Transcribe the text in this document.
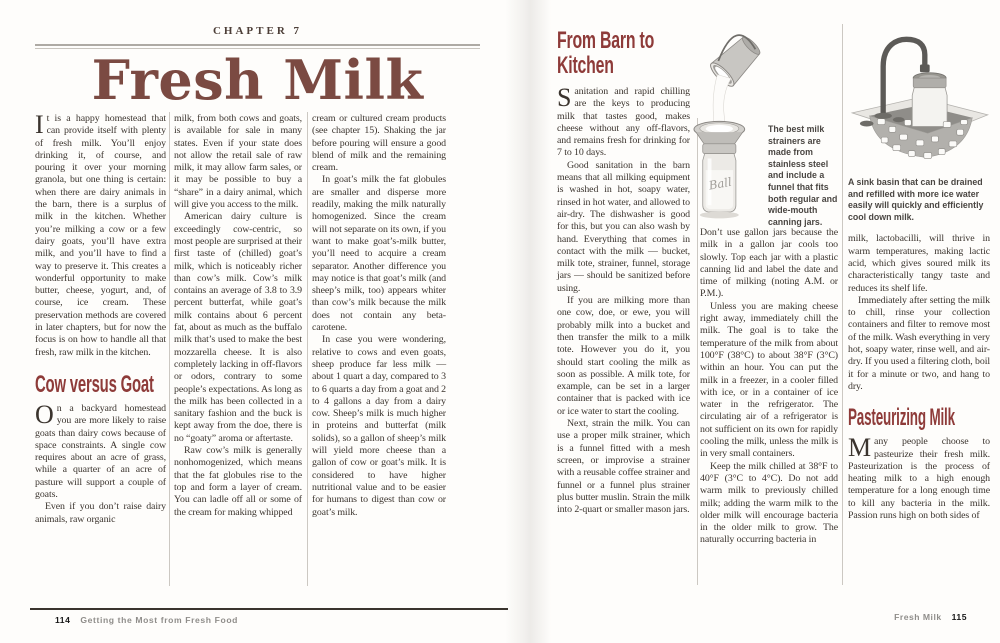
CHAPTER 7
Fresh Milk

I t is a happy homestead that can provide itself with plenty of fresh milk. You’ll enjoy drinking it, of course, and pouring it over your morning granola, but one thing is certain: when there are dairy animals in the barn, there is a surplus of milk in the kitchen. Whether you’re milking a cow or a few dairy goats, you’ll have extra milk, and you’ll have to find a way to preserve it. This creates a wonderful opportunity to make butter, cheese, yogurt, and, of course, ice cream. These preservation methods are covered in later chapters, but for now the focus is on how to handle all that fresh, raw milk in the kitchen.

Cow versus Goat

O n a backyard homestead you are more likely to raise goats than dairy cows because of space constraints. A single cow requires about an acre of grass, while a quarter of an acre of pasture will support a couple of goats.

Even if you don’t raise dairy animals, raw organic

milk, from both cows and goats, is available for sale in many states. Even if your state does not allow the retail sale of raw milk, it may allow farm sales, or it may be possible to buy a “share” in a dairy animal, which will give you access to the milk.

American dairy culture is exceedingly cow-centric, so most people are surprised at their first taste of (chilled) goat’s milk, which is noticeably richer than cow’s milk. Cow’s milk contains an average of 3.8 to 3.9 percent butterfat, while goat’s milk contains about 6 percent fat, about as much as the buffalo milk that’s used to make the best mozzarella cheese. It is also completely lacking in off-flavors or odors, contrary to some people’s expectations. As long as the milk has been collected in a sanitary fashion and the buck is kept away from the doe, there is no “goaty” aroma or aftertaste.

Raw cow’s milk is generally nonhomogenized, which means that the fat globules rise to the top and form a layer of cream. You can ladle off all or some of the cream for making whipped

cream or cultured cream products (see chapter 15). Shaking the jar before pouring will ensure a good blend of milk and the remaining cream.

In goat’s milk the fat globules are smaller and disperse more readily, making the milk naturally homogenized. Since the cream will not separate on its own, if you want to make goat’s-milk butter, you’ll need to acquire a cream separator. Another difference you may notice is that goat’s milk (and sheep’s milk, too) appears whiter than cow’s milk because the milk does not contain any beta-carotene.

In case you were wondering, relative to cows and even goats, sheep produce far less milk — about 1 quart a day, compared to 3 to 6 quarts a day from a goat and 2 to 4 gallons a day from a dairy cow. Sheep’s milk is much higher in proteins and butterfat (milk solids), so a gallon of sheep’s milk will yield more cheese than a gallon of cow or goat’s milk. It is considered to have higher nutritional value and to be easier for humans to digest than cow or goat’s milk.

114 Getting the Most from Fresh Food
From Barn to
Kitchen

S anitation and rapid chilling are the keys to producing milk that tastes good, makes cheese without any off-flavors, and remains fresh for drinking for 7 to 10 days.

Good sanitation in the barn means that all milking equipment is washed in hot, soapy water, rinsed in hot water, and allowed to air-dry. The dishwasher is good for this, but you can also wash by hand. Everything that comes in contact with the milk — bucket, milk tote, strainer, funnel, storage jars — should be sanitized before using.

If you are milking more than one cow, doe, or ewe, you will probably milk into a bucket and then transfer the milk to a milk tote. However you do it, you should start cooling the milk as soon as possible. A milk tote, for example, can be set in a larger container that is packed with ice or ice water to start the cooling.

Next, strain the milk. You can use a proper milk strainer, which is a funnel fitted with a mesh screen, or improvise a strainer with a reusable coffee strainer and funnel or a funnel plus strainer plus butter muslin. Strain the milk into 2-quart or smaller mason jars.

Ball
The best milk strainers are made from stainless steel and include a funnel that fits both regular and wide-mouth canning jars.

Don’t use gallon jars because the milk in a gallon jar cools too slowly. Top each jar with a plastic canning lid and label the date and time of milking (noting A.M. or P.M.).

Unless you are making cheese right away, immediately chill the milk. The goal is to take the temperature of the milk from about 100°F (38°C) to about 38°F (3°C) within an hour. You can put the milk in a freezer, in a cooler filled with ice, or in a container of ice water in the refrigerator. The circulating air of a refrigerator is not sufficient on its own for rapidly cooling the milk, unless the milk is in very small containers.

Keep the milk chilled at 38°F to 40°F (3°C to 4°C). Do not add warm milk to previously chilled milk; adding the warm milk to the older milk will encourage bacteria in the older milk to grow. The naturally occurring bacteria in

A sink basin that can be drained and refilled with more ice water easily will quickly and efficiently cool down milk.

milk, lactobacilli, will thrive in warm temperatures, making lactic acid, which gives soured milk its characteristically tangy taste and reduces its shelf life.

Immediately after setting the milk to chill, rinse your collection containers and filter to remove most of the milk. Wash everything in very hot, soapy water, rinse well, and air-dry. If you used a filtering cloth, boil it for a minute or two, and hang to dry.

Pasteurizing Milk

M any people choose to pasteurize their fresh milk. Pasteurization is the process of heating milk to a high enough temperature for a long enough time to kill any bacteria in the milk. Passion runs high on both sides of

Fresh Milk 115
